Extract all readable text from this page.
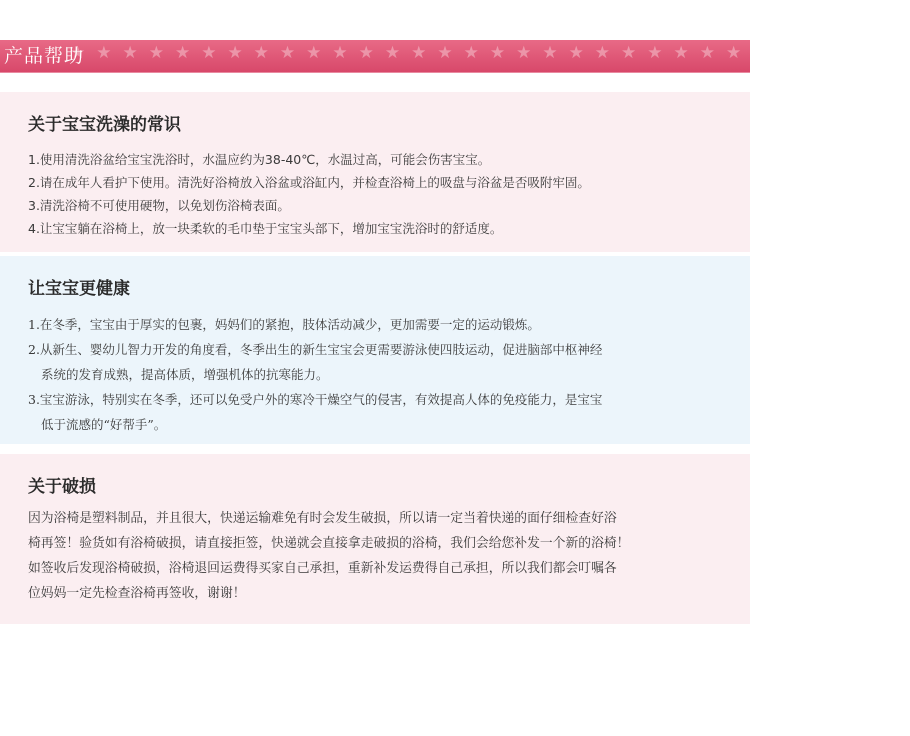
★★★★★★★★★★★★★★★★★★★★★★★★★★★★★★★★
产品帮助
关于宝宝洗澡的常识
1.使用清洗浴盆给宝宝洗浴时，水温应约为38-40℃，水温过高，可能会伤害宝宝。
2.请在成年人看护下使用。清洗好浴椅放入浴盆或浴缸内，并检查浴椅上的吸盘与浴盆是否吸附牢固。
3.清洗浴椅不可使用硬物，以免划伤浴椅表面。
4.让宝宝躺在浴椅上，放一块柔软的毛巾垫于宝宝头部下，增加宝宝洗浴时的舒适度。
让宝宝更健康
1.在冬季，宝宝由于厚实的包裹，妈妈们的紧抱，肢体活动减少，更加需要一定的运动锻炼。
2.从新生、婴幼儿智力开发的角度看，冬季出生的新生宝宝会更需要游泳使四肢运动，促进脑部中枢神经
系统的发育成熟，提高体质，增强机体的抗寒能力。
3.宝宝游泳，特别实在冬季，还可以免受户外的寒冷干燥空气的侵害，有效提高人体的免疫能力，是宝宝
低于流感的“好帮手”。
关于破损
因为浴椅是塑料制品，并且很大，快递运输难免有时会发生破损，所以请一定当着快递的面仔细检查好浴
椅再签！验货如有浴椅破损，请直接拒签，快递就会直接拿走破损的浴椅，我们会给您补发一个新的浴椅！
如签收后发现浴椅破损，浴椅退回运费得买家自己承担，重新补发运费得自己承担，所以我们都会叮嘱各
位妈妈一定先检查浴椅再签收，谢谢！
